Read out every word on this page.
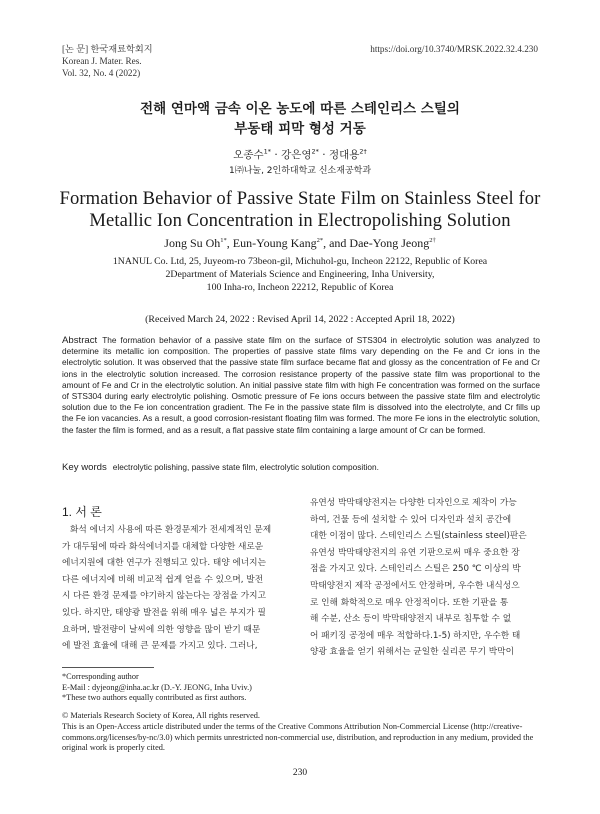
[논 문] 한국재료학회지
Korean J. Mater. Res.
Vol. 32, No. 4 (2022)
https://doi.org/10.3740/MRSK.2022.32.4.230
전해 연마액 금속 이온 농도에 따른 스테인리스 스틸의
부동태 피막 형성 거동
오종수$^{1*}$ · 강은영$^{2*}$ · 정대용$^{2\dagger}$
1㈜나눌, 2인하대학교 신소재공학과
Formation Behavior of Passive State Film on Stainless Steel for
Metallic Ion Concentration in Electropolishing Solution
Jong Su $Oh^{1*}$, Eun-Young Kang$^{2*}$, and Dae-Yong Jeong$^{2\dagger}$
1NANUL Co. Ltd, 25, Juyeom-ro 73beon-gil, Michuhol-gu, Incheon 22122, Republic of Korea
2Department of Materials Science and Engineering, Inha University,
100 Inha-ro, Incheon 22212, Republic of Korea
(Received March 24, 2022 : Revised April 14, 2022 : Accepted April 18, 2022)
Abstract The formation behavior of a passive state film on the surface of STS304 in electrolytic solution was analyzed to determine its metallic ion composition. The properties of passive state films vary depending on the Fe and Cr ions in the electrolytic solution. It was observed that the passive state film surface became flat and glossy as the concentration of Fe and Cr ions in the electrolytic solution increased. The corrosion resistance property of the passive state film was proportional to the amount of Fe and Cr in the electrolytic solution. An initial passive state film with high Fe concentration was formed on the surface of STS304 during early electrolytic polishing. Osmotic pressure of Fe ions occurs between the passive state film and electrolytic solution due to the Fe ion concentration gradient. The Fe in the passive state film is dissolved into the electrolyte, and Cr fills up the Fe ion vacancies. As a result, a good corrosion-resistant floating film was formed. The more Fe ions in the electrolytic solution, the faster the film is formed, and as a result, a flat passive state film containing a large amount of Cr can be formed.
Key words electrolytic polishing, passive state film, electrolytic solution composition.
1. 서 론
화석 에너지 사용에 따른 환경문제가 전세계적인 문제
가 대두됨에 따라 화석에너지를 대체할 다양한 새로운
에너지원에 대한 연구가 진행되고 있다. 태양 에너지는
다른 에너지에 비해 비교적 쉽게 얻을 수 있으며, 발전
시 다른 환경 문제를 야기하지 않는다는 장점을 가지고
있다. 하지만, 태양광 발전을 위해 매우 넓은 부지가 필
요하며, 발전량이 날씨에 의한 영향을 많이 받기 때문
에 발전 효율에 대해 큰 문제를 가지고 있다. 그러나,
유연성 박막태양전지는 다양한 디자인으로 제작이 가능
하여, 건물 등에 설치할 수 있어 디자인과 설치 공간에
대한 이점이 많다. 스테인리스 스틸(stainless steel)판은
유연성 박막태양전지의 유연 기판으로써 매우 중요한 장
점을 가지고 있다. 스테인리스 스틸은 250 ℃ 이상의 박
막태양전지 제작 공정에서도 안정하며, 우수한 내식성으
로 인해 화학적으로 매우 안정적이다. 또한 기판을 통
해 수분, 산소 등이 박막태양전지 내부로 침투할 수 없
어 패키징 공정에 매우 적합하다.1-5) 하지만, 우수한 태
양광 효율을 얻기 위해서는 균일한 실리콘 무기 박막이
*Corresponding author
E-Mail : dyjeong@inha.ac.kr (D.-Y. JEONG, Inha Uviv.)
*These two authors equally contributed as first authors.
© Materials Research Society of Korea, All rights reserved.
This is an Open-Access article distributed under the terms of the Creative Commons Attribution Non-Commercial License (http://creative-
commons.org/licenses/by-nc/3.0) which permits unrestricted non-commercial use, distribution, and reproduction in any medium, provided the
original work is properly cited.
230
